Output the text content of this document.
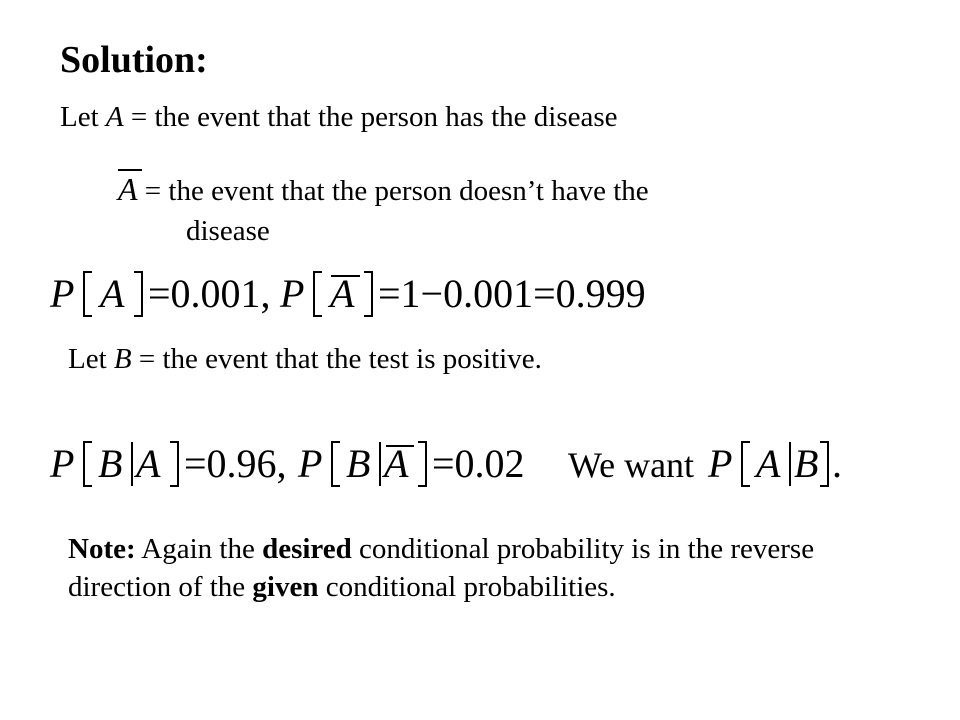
Solution:
Let A = the event that the person has the disease
A = the event that the person doesn’t have the
disease
P A =0.001, P A =1−0.001=0.999
Let B = the event that the test is positive.
P B A =0.96, P B A =0.02 We want P A B .
Note: Again the desired conditional probability is in the reverse direction of the given conditional probabilities.
